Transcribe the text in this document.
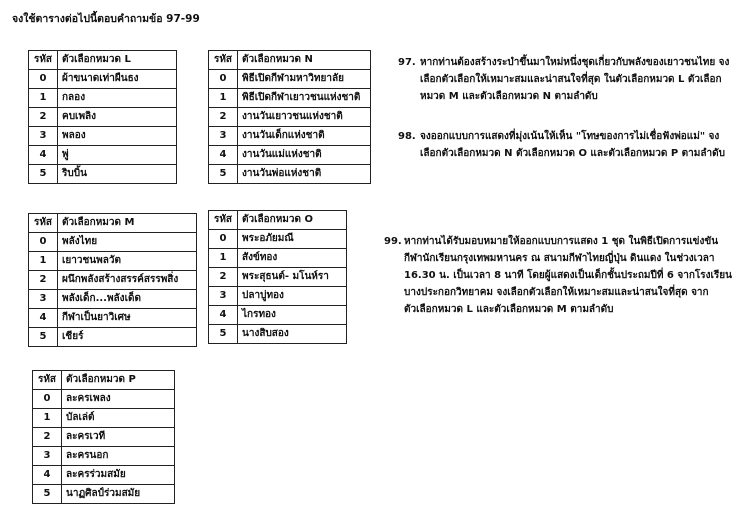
จงใช้ตารางต่อไปนี้ตอบคำถามข้อ 97-99
รหัส	ตัวเลือกหมวด L
0	ผ้าขนาดเท่าผืนธง
1	กลอง
2	คบเพลิง
3	พลอง
4	พู่
5	ริบบิ้น
รหัส	ตัวเลือกหมวด N
0	พิธีเปิดกีฬามหาวิทยาลัย
1	พิธีเปิดกีฬาเยาวชนแห่งชาติ
2	งานวันเยาวชนแห่งชาติ
3	งานวันเด็กแห่งชาติ
4	งานวันแม่แห่งชาติ
5	งานวันพ่อแห่งชาติ
รหัส	ตัวเลือกหมวด M
0	พลังไทย
1	เยาวชนพลวัต
2	ผนึกพลังสร้างสรรค์สรรพสิ่ง
3	พลังเด็ก...พลังเด็ด
4	กีฬาเป็นยาวิเศษ
5	เชียร์
รหัส	ตัวเลือกหมวด O
0	พระอภัยมณี
1	สังข์ทอง
2	พระสุธนต์- มโนห์รา
3	ปลาบู่ทอง
4	ไกรทอง
5	นางสิบสอง
รหัส	ตัวเลือกหมวด P
0	ละครเพลง
1	บัลเล่ต์
2	ละครเวที
3	ละครนอก
4	ละครร่วมสมัย
5	นาฏศิลป์ร่วมสมัย
97. หากท่านต้องสร้างระบำขึ้นมาใหม่หนึ่งชุดเกี่ยวกับพลังของเยาวชนไทย จง
เลือกตัวเลือกให้เหมาะสมและน่าสนใจที่สุด ในตัวเลือกหมวด L ตัวเลือก
หมวด M และตัวเลือกหมวด N ตามลำดับ
98. จงออกแบบการแสดงที่มุ่งเน้นให้เห็น "โทษของการไม่เชื่อฟังพ่อแม่" จง
เลือกตัวเลือกหมวด N ตัวเลือกหมวด O และตัวเลือกหมวด P ตามลำดับ
99. หากท่านได้รับมอบหมายให้ออกแบบการแสดง 1 ชุด ในพิธีเปิดการแข่งขัน
กีฬานักเรียนกรุงเทพมหานคร ณ สนามกีฬาไทยญี่ปุ่น ดินแดง ในช่วงเวลา
16.30 น. เป็นเวลา 8 นาที โดยผู้แสดงเป็นเด็กชั้นประถมปีที่ 6 จากโรงเรียน
บางประกอกวิทยาคม จงเลือกตัวเลือกให้เหมาะสมและน่าสนใจที่สุด จาก
ตัวเลือกหมวด L และตัวเลือกหมวด M ตามลำดับ
